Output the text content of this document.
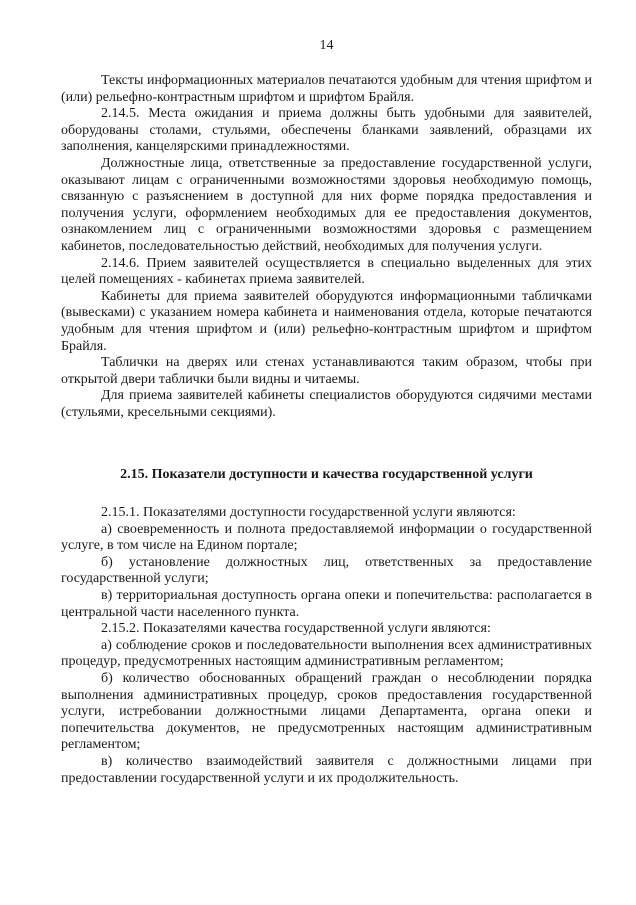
14

Тексты информационных материалов печатаются удобным для чтения шрифтом и (или) рельефно-контрастным шрифтом и шрифтом Брайля.

2.14.5. Места ожидания и приема должны быть удобными для заявителей, оборудованы столами, стульями, обеспечены бланками заявлений, образцами их заполнения, канцелярскими принадлежностями.

Должностные лица, ответственные за предоставление государственной услуги, оказывают лицам с ограниченными возможностями здоровья необходимую помощь, связанную с разъяснением в доступной для них форме порядка предоставления и получения услуги, оформлением необходимых для ее предоставления документов, ознакомлением лиц с ограниченными возможностями здоровья с размещением кабинетов, последовательностью действий, необходимых для получения услуги.

2.14.6. Прием заявителей осуществляется в специально выделенных для этих целей помещениях - кабинетах приема заявителей.

Кабинеты для приема заявителей оборудуются информационными табличками (вывесками) с указанием номера кабинета и наименования отдела, которые печатаются удобным для чтения шрифтом и (или) рельефно-контрастным шрифтом и шрифтом Брайля.

Таблички на дверях или стенах устанавливаются таким образом, чтобы при открытой двери таблички были видны и читаемы.

Для приема заявителей кабинеты специалистов оборудуются сидячими местами (стульями, кресельными секциями).

2.15. Показатели доступности и качества государственной услуги

2.15.1. Показателями доступности государственной услуги являются:

а) своевременность и полнота предоставляемой информации о государственной услуге, в том числе на Едином портале;

б) установление должностных лиц, ответственных за предоставление государственной услуги;

в) территориальная доступность органа опеки и попечительства: располагается в центральной части населенного пункта.

2.15.2. Показателями качества государственной услуги являются:

а) соблюдение сроков и последовательности выполнения всех административных процедур, предусмотренных настоящим административным регламентом;

б) количество обоснованных обращений граждан о несоблюдении порядка выполнения административных процедур, сроков предоставления государственной услуги, истребовании должностными лицами Департамента, органа опеки и попечительства документов, не предусмотренных настоящим административным регламентом;

в) количество взаимодействий заявителя с должностными лицами при предоставлении государственной услуги и их продолжительность.
